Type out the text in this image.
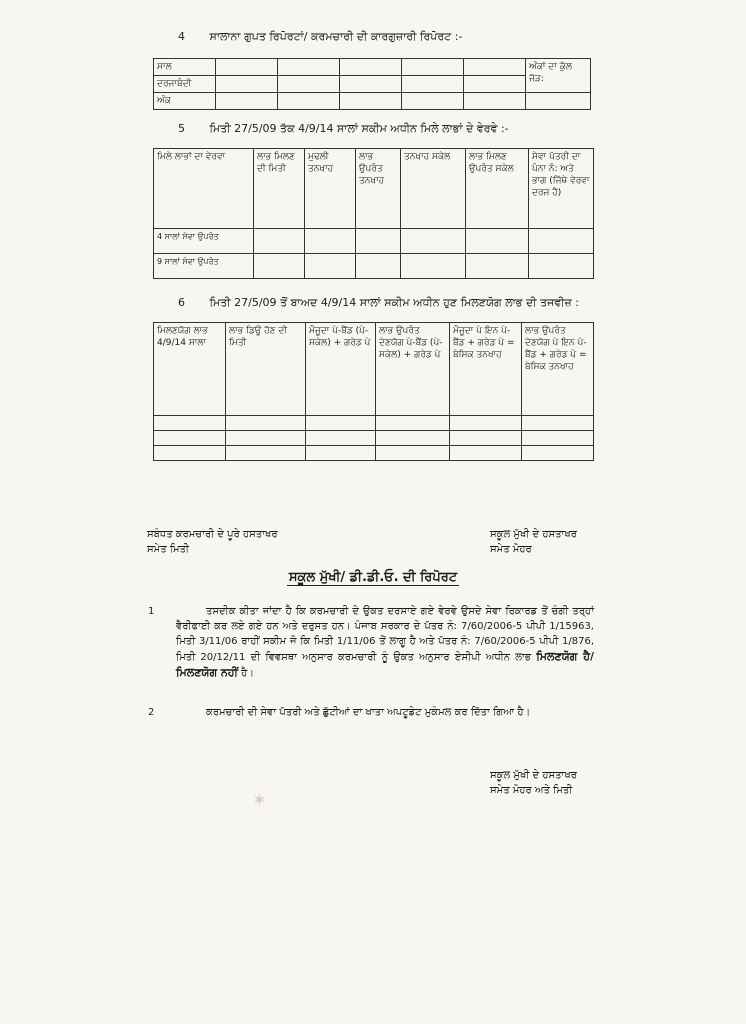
4 ਸਾਲਾਨਾ ਗੁਪਤ ਰਿਪੋਰਟਾਂ/ ਕਰਮਚਾਰੀ ਦੀ ਕਾਰਗੁਜ਼ਾਰੀ ਰਿਪੋਰਟ :-
ਸਾਲ						ਅੰਕਾਂ ਦਾ ਕੁੱਲ ਜੋੜ:
ਦਰਜਾਬੰਦੀ						
ਅੰਕ						
5 ਮਿਤੀ 27/5/09 ਤੱਕ 4/9/14 ਸਾਲਾਂ ਸਕੀਮ ਅਧੀਨ ਮਿਲੇ ਲਾਭਾਂ ਦੇ ਵੇਰਵੇ :-
ਮਿਲੇ ਲਾਭਾਂ ਦਾ ਵੇਰਵਾ	ਲਾਭ ਮਿਲਣ ਦੀ ਮਿਤੀ	ਮੁਢਲੀ ਤਨਖਾਹ	ਲਾਭ ਉਪਰੰਤ ਤਨਖਾਹ	ਤਨਖਾਹ ਸਕੇਲ	ਲਾਭ ਮਿਲਣ ਉਪਰੰਤ ਸਕੇਲ	ਸੇਵਾ ਪੱਤਰੀ ਦਾ ਪੰਨਾ ਨੰ: ਅਤੇ ਭਾਗ (ਜਿੱਥੇ ਵੇਰਵਾ ਦਰਜ ਹੈ)
4 ਸਾਲਾਂ ਸੇਵਾ ਉਪਰੰਤ						
9 ਸਾਲਾਂ ਸੇਵਾ ਉਪਰੰਤ						
6 ਮਿਤੀ 27/5/09 ਤੋਂ ਬਾਅਦ 4/9/14 ਸਾਲਾਂ ਸਕੀਮ ਅਧੀਨ ਹੁਣ ਮਿਲਣਯੋਗ ਲਾਭ ਦੀ ਤਜਵੀਜ਼ :
ਮਿਲਣਯੋਗ ਲਾਭ 4/9/14 ਸਾਲਾ	ਲਾਭ ਡਿਊ ਹੋਣ ਦੀ ਮਿਤੀ	ਮੌਜੂਦਾ ਪੇ-ਬੈਂਡ (ਪੇ-ਸਕੇਲ) + ਗਰੇਡ ਪੇ	ਲਾਭ ਉਪਰੰਤ ਦੇਣਯੋਗ ਪੇ-ਬੈਂਡ (ਪੇ-ਸਕੇਲ) + ਗਰੇਡ ਪੇ	ਮੌਜੂਦਾ ਪੇ ਇਨ ਪੇ-ਬੈਂਡ + ਗਰੇਡ ਪੇ = ਬੇਸਿਕ ਤਨਖਾਹ	ਲਾਭ ਉਪਰੰਤ ਦੇਣਯੋਗ ਪੇ ਇਨ ਪੇ-ਬੈਂਡ + ਗਰੇਡ ਪੇ = ਬੇਸਿਕ ਤਨਖਾਹ

ਸਬੰਧਤ ਕਰਮਚਾਰੀ ਦੇ ਪੂਰੇ ਹਸਤਾਖਰ
ਸਮੇਤ ਮਿਤੀ
ਸਕੂਲ ਮੁੱਖੀ ਦੇ ਹਸਤਾਖਰ
ਸਮੇਤ ਮੋਹਰ
ਸਕੂਲ ਮੁੱਖੀ/ ਡੀ.ਡੀ.ਓ. ਦੀ ਰਿਪੋਰਟ
1	ਤਸਦੀਕ ਕੀਤਾ ਜਾਂਦਾ ਹੈ ਕਿ ਕਰਮਚਾਰੀ ਦੇ ਉਕਤ ਦਰਸਾਏ ਗਏ ਵੇਰਵੇ ਉਸਦੇ ਸੇਵਾ ਰਿਕਾਰਡ ਤੋਂ ਚੰਗੀ ਤਰ੍ਹਾਂ ਵੈਰੀਫਾਈ ਕਰ ਲਏ ਗਏ ਹਨ ਅਤੇ ਦਰੁਸਤ ਹਨ। ਪੰਜਾਬ ਸਰਕਾਰ ਦੇ ਪੱਤਰ ਨੰ: 7/60/2006-5 ਪੀਪੀ 1/15963, ਮਿਤੀ 3/11/06 ਰਾਹੀਂ ਸਕੀਮ ਜੋ ਕਿ ਮਿਤੀ 1/11/06 ਤੋਂ ਲਾਗੂ ਹੈ ਅਤੇ ਪੱਤਰ ਨੰ: 7/60/2006-5 ਪੀਪੀ 1/876, ਮਿਤੀ 20/12/11 ਦੀ ਵਿਵਸਥਾ ਅਨੁਸਾਰ ਕਰਮਚਾਰੀ ਨੂੰ ਉਕਤ ਅਨੁਸਾਰ ਏਸੀਪੀ ਅਧੀਨ ਲਾਭ ਮਿਲਣਯੋਗ ਹੈ/ ਮਿਲਣਯੋਗ ਨਹੀਂ ਹੈ।
2	ਕਰਮਚਾਰੀ ਦੀ ਸੇਵਾ ਪੱਤਰੀ ਅਤੇ ਛੁੱਟੀਆਂ ਦਾ ਖਾਤਾ ਅਪਟੂਡੇਟ ਮੁਕੰਮਲ ਕਰ ਦਿੱਤਾ ਗਿਆ ਹੈ।
✶
ਸਕੂਲ ਮੁੱਖੀ ਦੇ ਹਸਤਾਖਰ
ਸਮੇਤ ਮੋਹਰ ਅਤੇ ਮਿਤੀ
